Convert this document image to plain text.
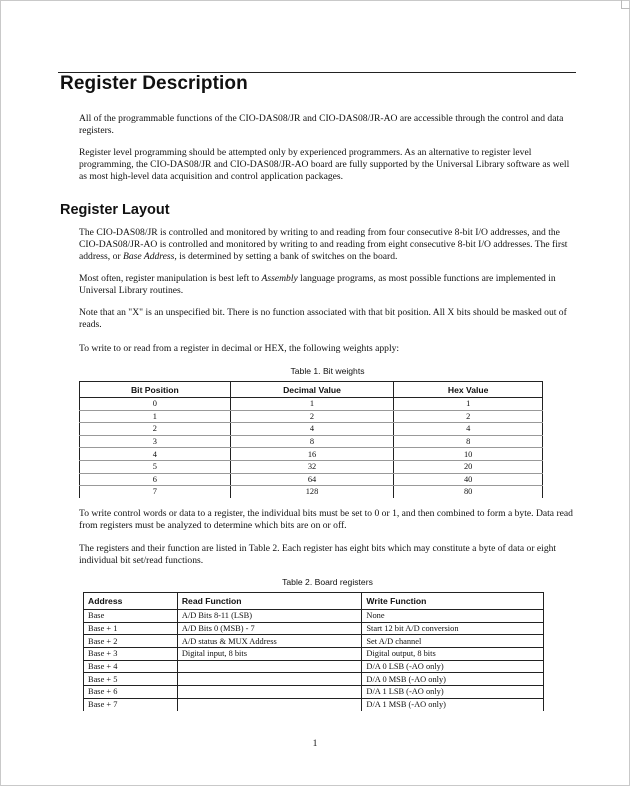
Register Description

All of the programmable functions of the CIO-DAS08/JR and CIO-DAS08/JR-AO are accessible through the control and data registers.

Register level programming should be attempted only by experienced programmers. As an alternative to register level programming, the CIO-DAS08/JR and CIO-DAS08/JR-AO board are fully supported by the Universal Library software as well as most high-level data acquisition and control application packages.

Register Layout

The CIO-DAS08/JR is controlled and monitored by writing to and reading from four consecutive 8-bit I/O addresses, and the CIO-DAS08/JR-AO is controlled and monitored by writing to and reading from eight consecutive 8-bit I/O addresses. The first address, or Base Address, is determined by setting a bank of switches on the board.

Most often, register manipulation is best left to Assembly language programs, as most possible functions are implemented in Universal Library routines.

Note that an "X" is an unspecified bit. There is no function associated with that bit position. All X bits should be masked out of reads.

To write to or read from a register in decimal or HEX, the following weights apply:

Table 1. Bit weights

Bit Position	Decimal Value	Hex Value
0	1	1
1	2	2
2	4	4
3	8	8
4	16	10
5	32	20
6	64	40
7	128	80

To write control words or data to a register, the individual bits must be set to 0 or 1, and then combined to form a byte. Data read from registers must be analyzed to determine which bits are on or off.

The registers and their function are listed in Table 2. Each register has eight bits which may constitute a byte of data or eight individual bit set/read functions.

Table 2. Board registers

Address	Read Function	Write Function
Base	A/D Bits 8-11 (LSB)	None
Base + 1	A/D Bits 0 (MSB) - 7	Start 12 bit A/D conversion
Base + 2	A/D status & MUX Address	Set A/D channel
Base + 3	Digital input, 8 bits	Digital output, 8 bits
Base + 4		D/A 0 LSB (-AO only)
Base + 5		D/A 0 MSB (-AO only)
Base + 6		D/A 1 LSB (-AO only)
Base + 7		D/A 1 MSB (-AO only)
1
